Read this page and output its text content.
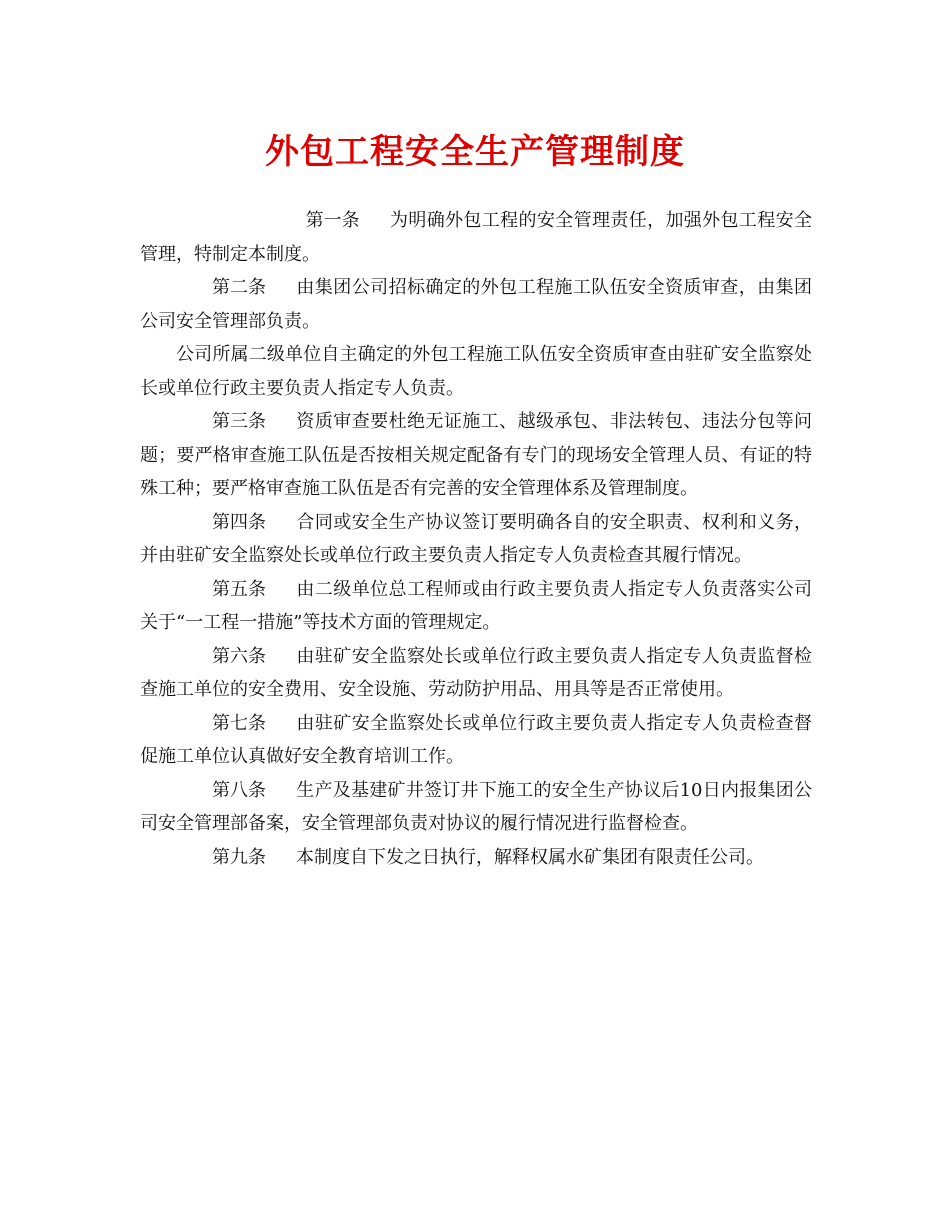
外包工程安全生产管理制度

第一条 为明确外包工程的安全管理责任，加强外包工程安全管理，特制定本制度。

第二条 由集团公司招标确定的外包工程施工队伍安全资质审查，由集团公司安全管理部负责。

公司所属二级单位自主确定的外包工程施工队伍安全资质审查由驻矿安全监察处长或单位行政主要负责人指定专人负责。

第三条 资质审查要杜绝无证施工、越级承包、非法转包、违法分包等问题；要严格审查施工队伍是否按相关规定配备有专门的现场安全管理人员、有证的特殊工种；要严格审查施工队伍是否有完善的安全管理体系及管理制度。

第四条 合同或安全生产协议签订要明确各自的安全职责、权利和义务，并由驻矿安全监察处长或单位行政主要负责人指定专人负责检查其履行情况。

第五条 由二级单位总工程师或由行政主要负责人指定专人负责落实公司关于“一工程一措施”等技术方面的管理规定。

第六条 由驻矿安全监察处长或单位行政主要负责人指定专人负责监督检查施工单位的安全费用、安全设施、劳动防护用品、用具等是否正常使用。

第七条 由驻矿安全监察处长或单位行政主要负责人指定专人负责检查督促施工单位认真做好安全教育培训工作。

第八条 生产及基建矿井签订井下施工的安全生产协议后10日内报集团公司安全管理部备案，安全管理部负责对协议的履行情况进行监督检查。

第九条 本制度自下发之日执行，解释权属水矿集团有限责任公司。
